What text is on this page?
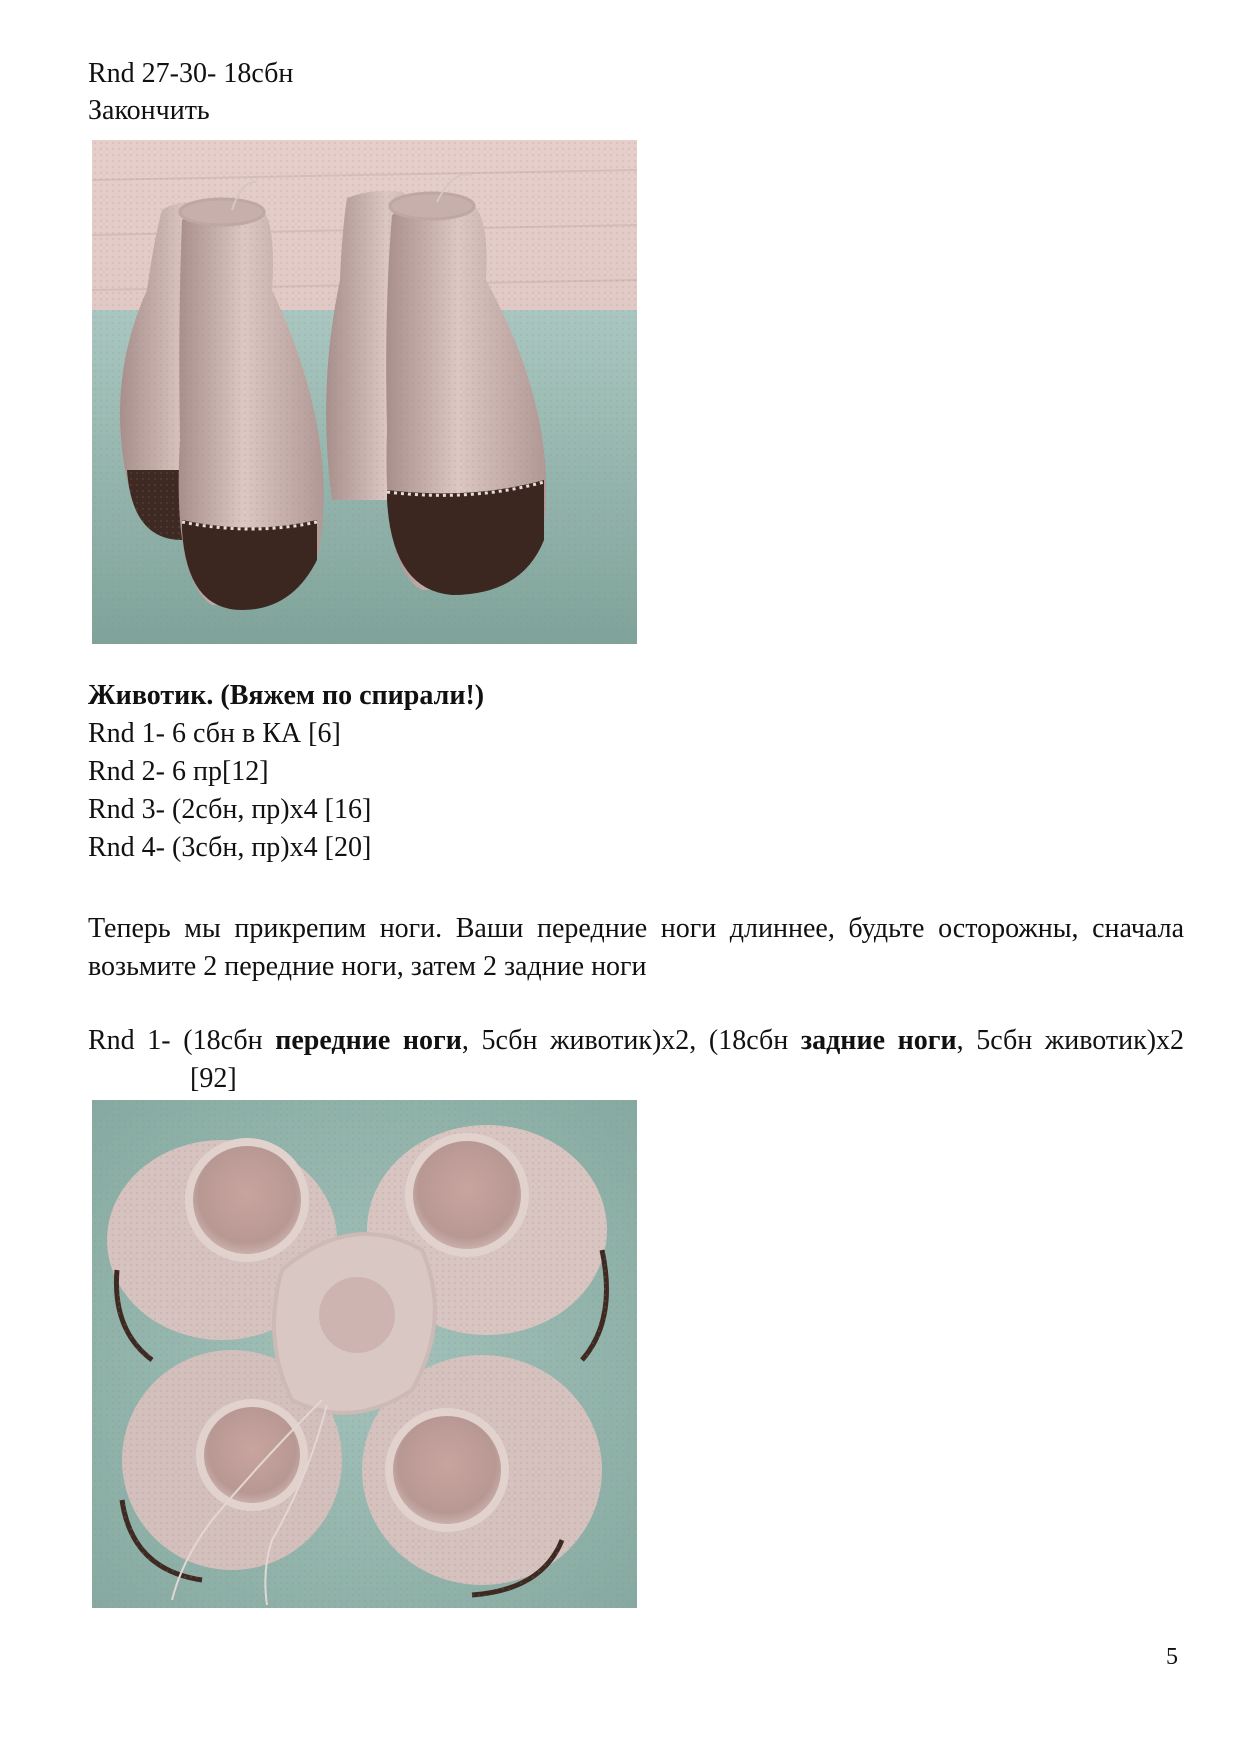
Rnd 27-30- 18сбн
Закончить
Животик. (Вяжем по спирали!)
Rnd 1- 6 сбн в КА [6]
Rnd 2- 6 пр[12]
Rnd 3- (2сбн, пр)х4 [16]
Rnd 4- (3сбн, пр)х4 [20]
Теперь мы прикрепим ноги. Ваши передние ноги длиннее, будьте осторожны, сначала возьмите 2 передние ноги, затем 2 задние ноги
Rnd 1- (18сбн передние ноги, 5сбн животик)х2, (18сбн задние ноги, 5сбн животик)х2[92]
5
